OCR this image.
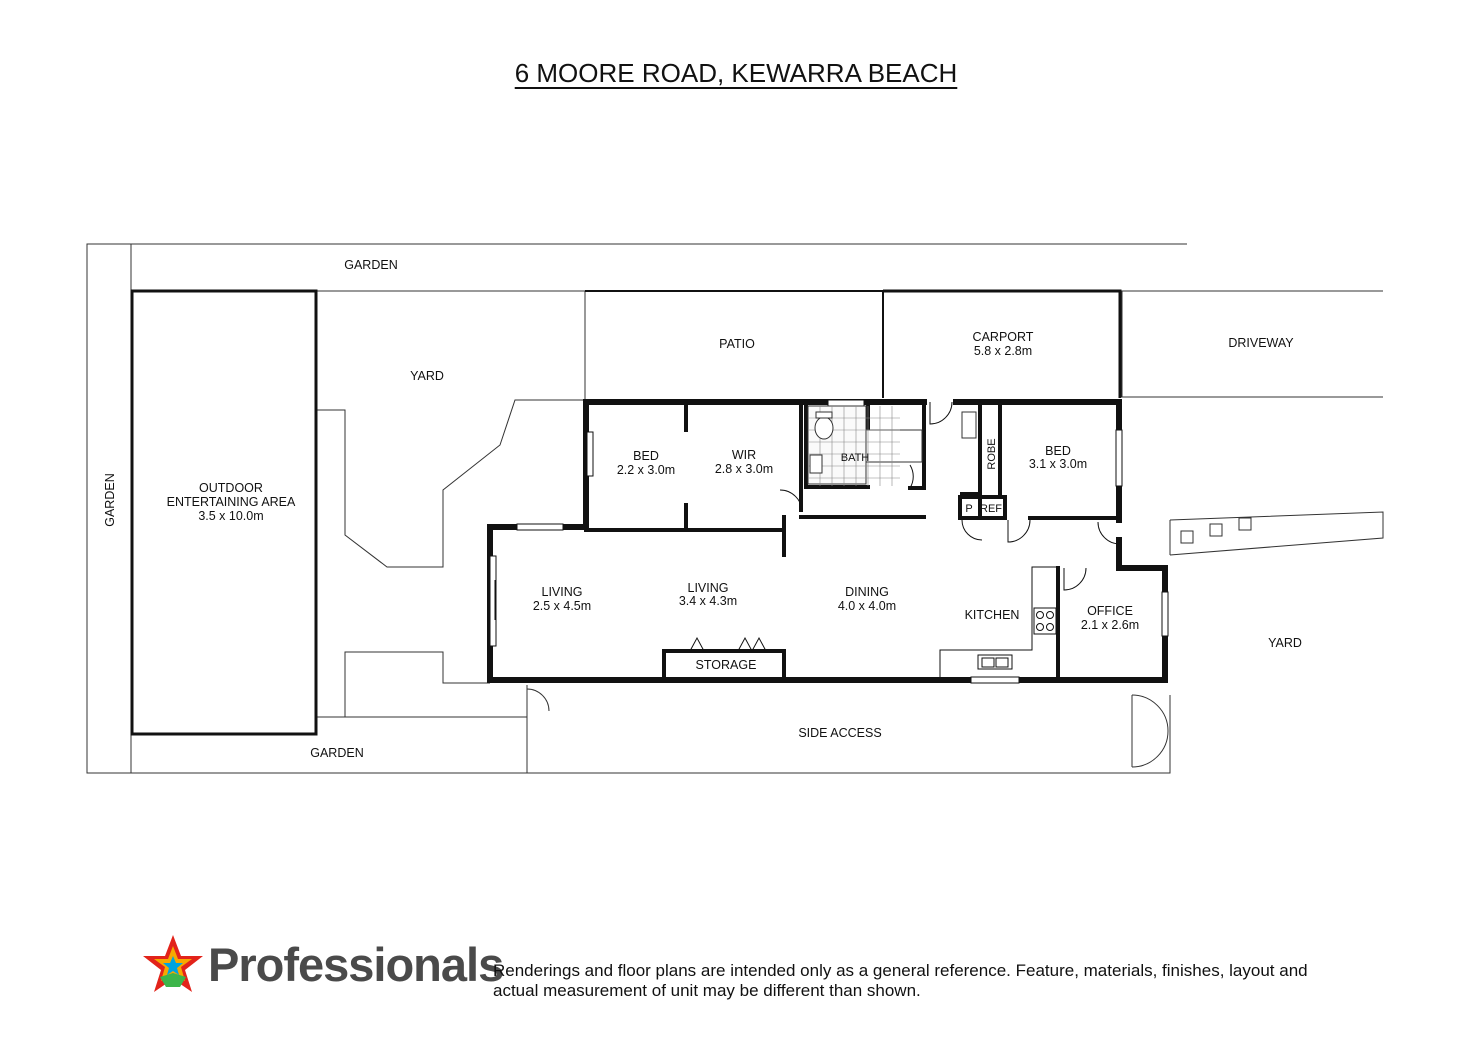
6 MOORE ROAD, KEWARRA BEACH
GARDEN
GARDEN
GARDEN
OUTDOOR
ENTERTAINING AREA
3.5 x 10.0m
YARD
PATIO	CARPORT
5.8 x 2.8m
DRIVEWAY
BED
2.2 x 3.0m
WIR
2.8 x 3.0m
BATH	ROBE	BED
3.1 x 3.0m
P REF
LIVING
2.5 x 4.5m
LIVING
3.4 x 4.3m
DINING
4.0 x 4.0m
KITCHEN	OFFICE
2.1 x 2.6m
STORAGE
YARD
SIDE ACCESS
Professionals
Renderings and floor plans are intended only as a general reference. Feature, materials, finishes, layout and actual measurement of unit may be different than shown.
